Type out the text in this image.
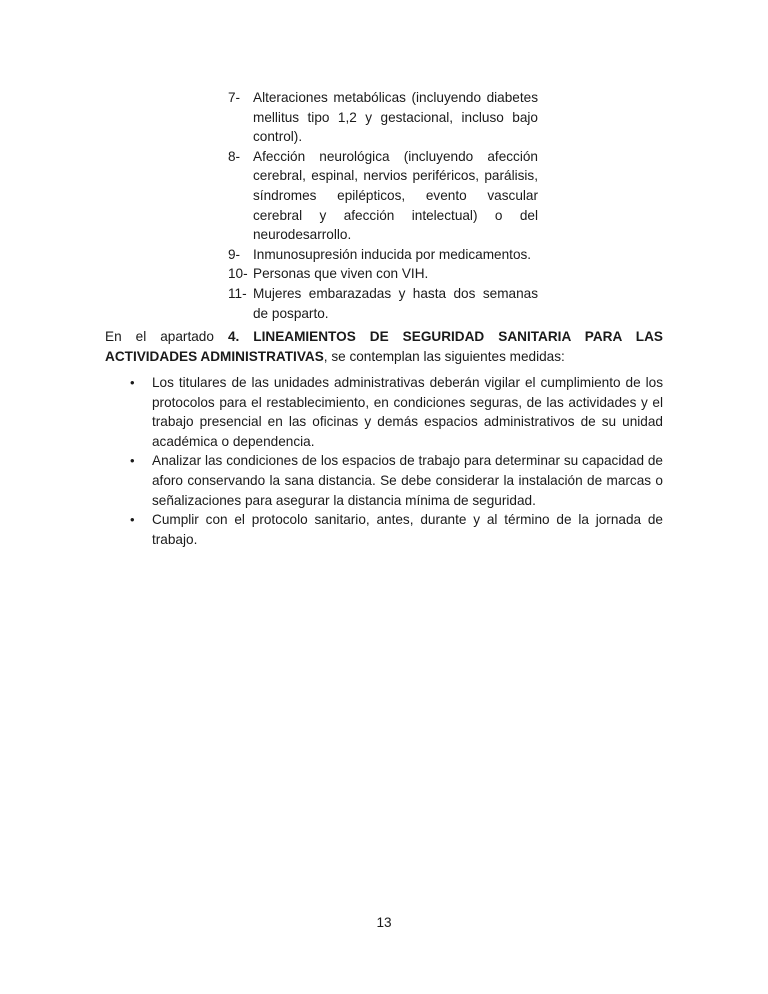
7- Alteraciones metabólicas (incluyendo diabetes mellitus tipo 1,2 y gestacional, incluso bajo control).
8- Afección neurológica (incluyendo afección cerebral, espinal, nervios periféricos, parálisis, síndromes epilépticos, evento vascular cerebral y afección intelectual) o del neurodesarrollo.
9- Inmunosupresión inducida por medicamentos.
10- Personas que viven con VIH.
11- Mujeres embarazadas y hasta dos semanas de posparto.

En el apartado 4. LINEAMIENTOS DE SEGURIDAD SANITARIA PARA LAS ACTIVIDADES ADMINISTRATIVAS, se contemplan las siguientes medidas:

• Los titulares de las unidades administrativas deberán vigilar el cumplimiento de los protocolos para el restablecimiento, en condiciones seguras, de las actividades y el trabajo presencial en las oficinas y demás espacios administrativos de su unidad académica o dependencia.
• Analizar las condiciones de los espacios de trabajo para determinar su capacidad de aforo conservando la sana distancia. Se debe considerar la instalación de marcas o señalizaciones para asegurar la distancia mínima de seguridad.
• Cumplir con el protocolo sanitario, antes, durante y al término de la jornada de trabajo.
13
